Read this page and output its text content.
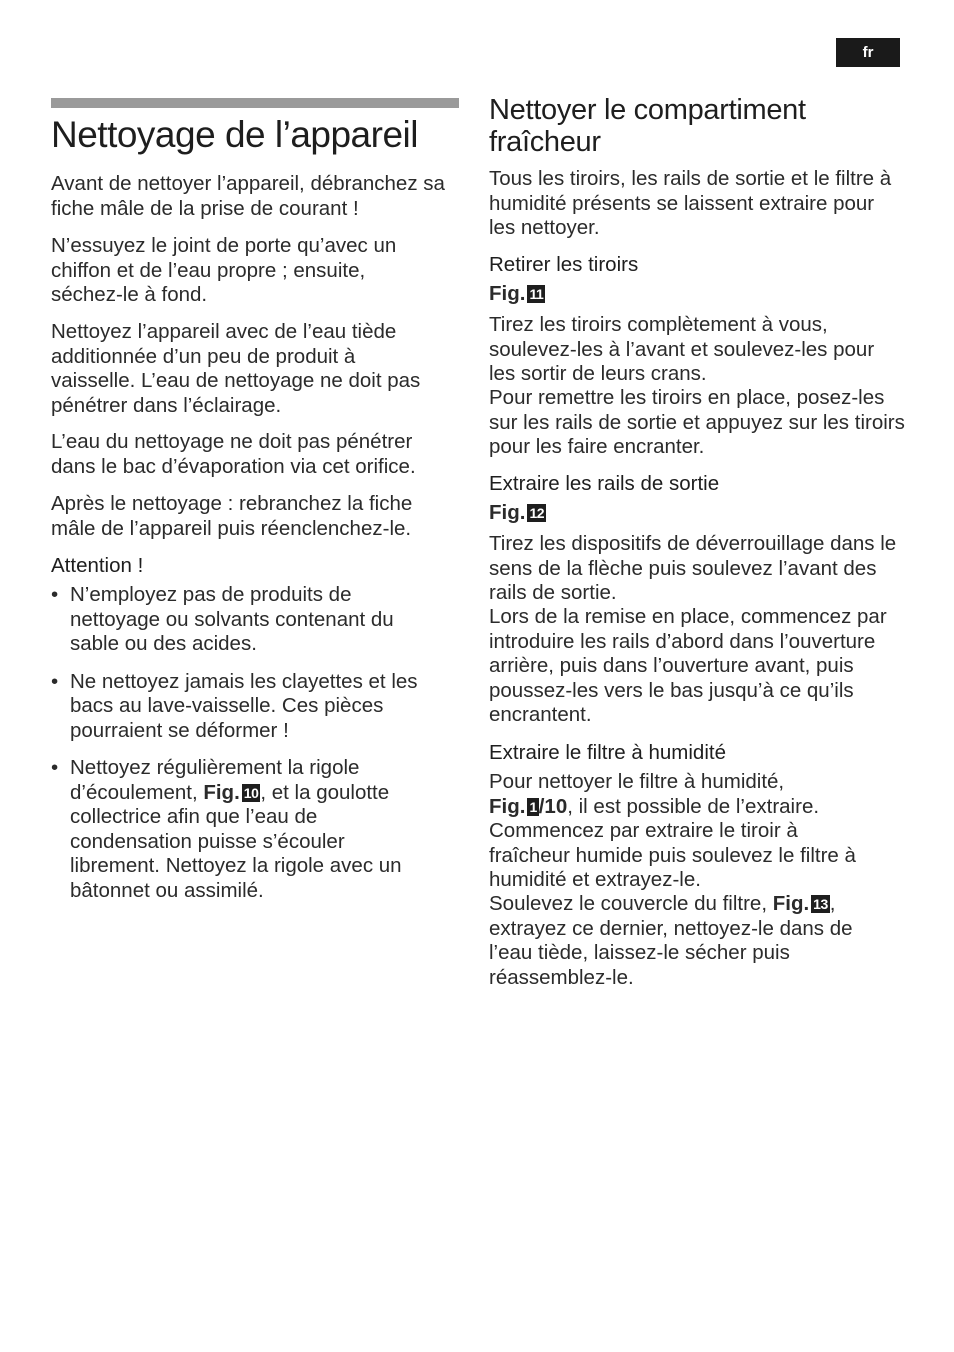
fr
Nettoyage de l’appareil

Avant de nettoyer l’appareil, débranchez sa fiche mâle de la prise de courant !

N’essuyez le joint de porte qu’avec un chiffon et de l’eau propre ; ensuite, séchez-le à fond.

Nettoyez l’appareil avec de l’eau tiède additionnée d’un peu de produit à vaisselle. L’eau de nettoyage ne doit pas pénétrer dans l’éclairage.

L’eau du nettoyage ne doit pas pénétrer dans le bac d’évaporation via cet orifice.

Après le nettoyage : rebranchez la fiche mâle de l’appareil puis réenclenchez-le.

Attention !

• N’employez pas de produits de nettoyage ou solvants contenant du sable ou des acides.
• Ne nettoyez jamais les clayettes et les bacs au lave-vaisselle. Ces pièces pourraient se déformer !
• Nettoyez régulièrement la rigole d’écoulement, Fig. 10, et la goulotte collectrice afin que l’eau de condensation puisse s’écouler librement. Nettoyez la rigole avec un bâtonnet ou assimilé.
Nettoyer le compartiment fraîcheur

Tous les tiroirs, les rails de sortie et le filtre à humidité présents se laissent extraire pour les nettoyer.

Retirer les tiroirs

Fig. 11

Tirez les tiroirs complètement à vous, soulevez-les à l’avant et soulevez-les pour les sortir de leurs crans.

Pour remettre les tiroirs en place, posez-les sur les rails de sortie et appuyez sur les tiroirs pour les faire encranter.

Extraire les rails de sortie

Fig. 12

Tirez les dispositifs de déverrouillage dans le sens de la flèche puis soulevez l’avant des rails de sortie.

Lors de la remise en place, commencez par introduire les rails d’abord dans l’ouverture arrière, puis dans l’ouverture avant, puis poussez-les vers le bas jusqu’à ce qu’ils encrantent.

Extraire le filtre à humidité

Pour nettoyer le filtre à humidité,
Fig. 1/10, il est possible de l’extraire.

Commencez par extraire le tiroir à fraîcheur humide puis soulevez le filtre à humidité et extrayez-le.

Soulevez le couvercle du filtre, Fig. 13, extrayez ce dernier, nettoyez-le dans de l’eau tiède, laissez-le sécher puis réassemblez-le.
